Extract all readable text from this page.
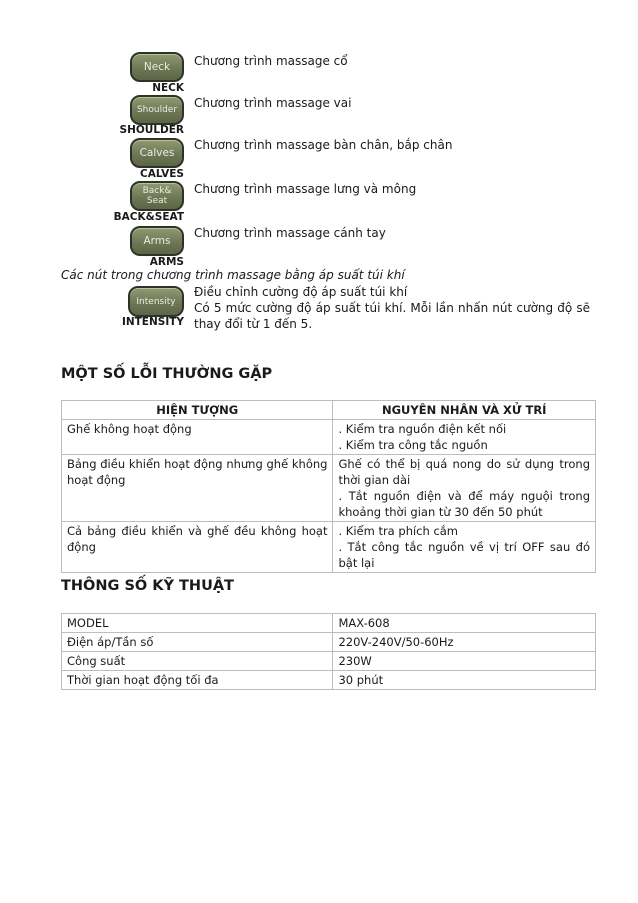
Neck
NECK
Chương trình massage cổ
Shoulder
SHOULDER
Chương trình massage vai
Calves
CALVES
Chương trình massage bàn chân, bắp chân
Back& Seat
BACK&SEAT
Chương trình massage lưng và mông
Arms
ARMS
Chương trình massage cánh tay
Các nút trong chương trình massage bằng áp suất túi khí
Intensity
INTENSITY
Điều chỉnh cường độ áp suất túi khí
Có 5 mức cường độ áp suất túi khí. Mỗi lần nhấn nút cường độ sẽ thay đổi từ 1 đến 5.
MỘT SỐ LỖI THƯỜNG GẶP
HIỆN TƯỢNG	NGUYÊN NHÂN VÀ XỬ TRÍ
Ghế không hoạt động	. Kiểm tra nguồn điện kết nối
. Kiểm tra công tắc nguồn

Bảng điều khiển hoạt động nhưng ghế không hoạt động	Ghế có thể bị quá nong do sử dụng trong thời gian dài
. Tắt nguồn điện và để máy nguội trong khoảng thời gian từ 30 đến 50 phút

Cả bảng điều khiển và ghế đều không hoạt động	. Kiểm tra phích cắm
. Tắt công tắc nguồn về vị trí OFF sau đó bật lại
THÔNG SỐ KỸ THUẬT
MODEL	MAX-608
Điện áp/Tần số	220V-240V/50-60Hz
Công suất	230W
Thời gian hoạt động tối đa	30 phút
